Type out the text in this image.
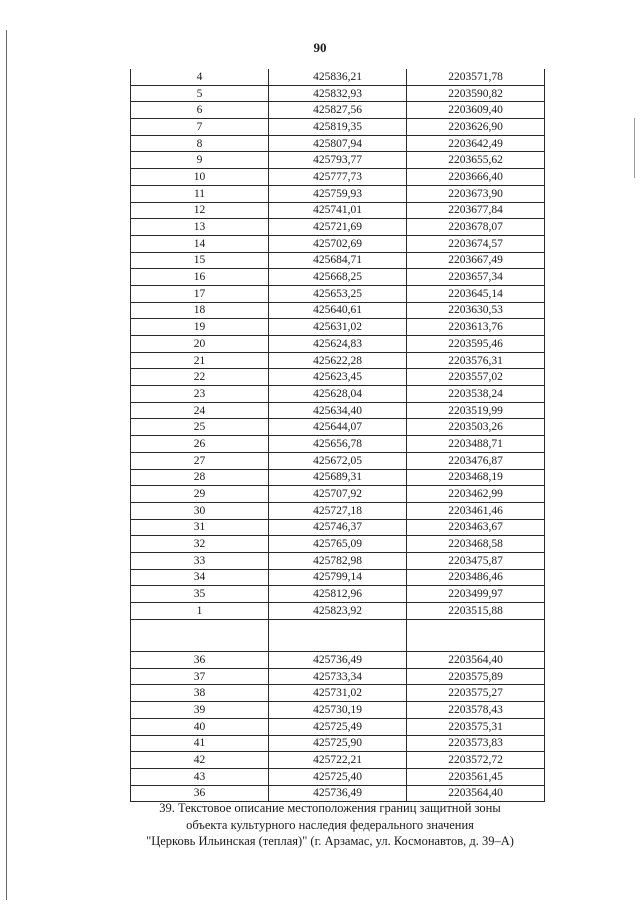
90
4	425836,21	2203571,78
5	425832,93	2203590,82
6	425827,56	2203609,40
7	425819,35	2203626,90
8	425807,94	2203642,49
9	425793,77	2203655,62
10	425777,73	2203666,40
11	425759,93	2203673,90
12	425741,01	2203677,84
13	425721,69	2203678,07
14	425702,69	2203674,57
15	425684,71	2203667,49
16	425668,25	2203657,34
17	425653,25	2203645,14
18	425640,61	2203630,53
19	425631,02	2203613,76
20	425624,83	2203595,46
21	425622,28	2203576,31
22	425623,45	2203557,02
23	425628,04	2203538,24
24	425634,40	2203519,99
25	425644,07	2203503,26
26	425656,78	2203488,71
27	425672,05	2203476,87
28	425689,31	2203468,19
29	425707,92	2203462,99
30	425727,18	2203461,46
31	425746,37	2203463,67
32	425765,09	2203468,58
33	425782,98	2203475,87
34	425799,14	2203486,46
35	425812,96	2203499,97
1	425823,92	2203515,88

36	425736,49	2203564,40
37	425733,34	2203575,89
38	425731,02	2203575,27
39	425730,19	2203578,43
40	425725,49	2203575,31
41	425725,90	2203573,83
42	425722,21	2203572,72
43	425725,40	2203561,45
36	425736,49	2203564,40
39. Текстовое описание местоположения границ защитной зоны
объекта культурного наследия федерального значения
"Церковь Ильинская (теплая)" (г. Арзамас, ул. Космонавтов, д. 39–А)
